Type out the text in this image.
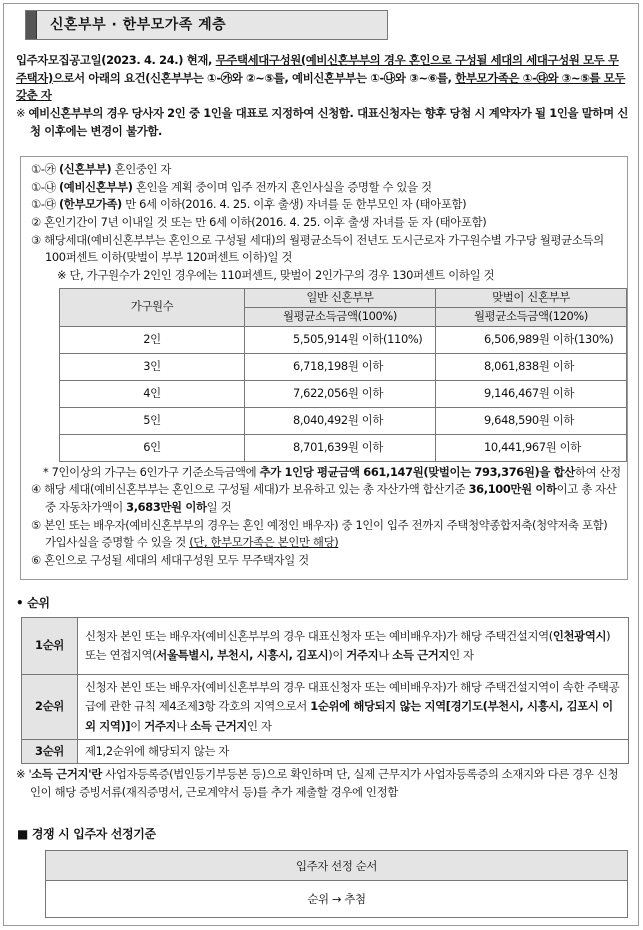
신혼부부 · 한부모가족 계층

입주자모집공고일(2023. 4. 24.) 현재, 무주택세대구성원(예비신혼부부의 경우 혼인으로 구성될 세대의 세대구성원 모두 무주택자)으로서 아래의 요건(신혼부부는 ①-㉮와 ②~⑤를, 예비신혼부부는 ①-㉯와 ③~⑥를, 한부모가족은 ①-㉰와 ③~⑤를 모두 갖춘 자

※ 예비신혼부부의 경우 당사자 2인 중 1인을 대표로 지정하여 신청함. 대표신청자는 향후 당첨 시 계약자가 될 1인을 말하며 신청 이후에는 변경이 불가함.

①-㉮ (신혼부부) 혼인중인 자
①-㉯ (예비신혼부부) 혼인을 계획 중이며 입주 전까지 혼인사실을 증명할 수 있을 것
①-㉰ (한부모가족) 만 6세 이하(2016. 4. 25. 이후 출생) 자녀를 둔 한부모인 자 (태아포함)
② 혼인기간이 7년 이내일 것 또는 만 6세 이하(2016. 4. 25. 이후 출생 자녀를 둔 자 (태아포함)
③ 해당세대(예비신혼부부는 혼인으로 구성될 세대)의 월평균소득이 전년도 도시근로자 가구원수별 가구당 월평균소득의 100퍼센트 이하(맞벌이 부부 120퍼센트 이하)일 것
※ 단, 가구원수가 2인인 경우에는 110퍼센트, 맞벌이 2인가구의 경우 130퍼센트 이하일 것
가구원수	일반 신혼부부	맞벌이 신혼부부
	월평균소득금액(100%)	월평균소득금액(120%)
2인	5,505,914원 이하(110%)	6,506,989원 이하(130%)
3인	6,718,198원 이하	8,061,838원 이하
4인	7,622,056원 이하	9,146,467원 이하
5인	8,040,492원 이하	9,648,590원 이하
6인	8,701,639원 이하	10,441,967원 이하
* 7인이상의 가구는 6인가구 기준소득금액에 추가 1인당 평균금액 661,147원(맞벌이는 793,376원)을 합산하여 산정
④ 해당 세대(예비신혼부부는 혼인으로 구성될 세대)가 보유하고 있는 총 자산가액 합산기준 36,100만원 이하이고 총 자산 중 자동차가액이 3,683만원 이하일 것
⑤ 본인 또는 배우자(예비신혼부부의 경우는 혼인 예정인 배우자) 중 1인이 입주 전까지 주택청약종합저축(청약저축 포함) 가입사실을 증명할 수 있을 것 (단, 한부모가족은 본인만 해당)
⑥ 혼인으로 구성될 세대의 세대구성원 모두 무주택자일 것
• 순위
1순위	신청자 본인 또는 배우자(예비신혼부부의 경우 대표신청자 또는 예비배우자)가 해당 주택건설지역(인천광역시) 또는 연접지역(서울특별시, 부천시, 시흥시, 김포시)이 거주지나 소득 근거지인 자
2순위	신청자 본인 또는 배우자(예비신혼부부의 경우 대표신청자 또는 예비배우자)가 해당 주택건설지역이 속한 주택공급에 관한 규칙 제4조제3항 각호의 지역으로서 1순위에 해당되지 않는 지역[경기도(부천시, 시흥시, 김포시 이외 지역)]이 거주지나 소득 근거지인 자
3순위	제1,2순위에 해당되지 않는 자
※ '소득 근거지'란 사업자등록증(법인등기부등본 등)으로 확인하며 단, 실제 근무지가 사업자등록증의 소재지와 다른 경우 신청인이 해당 증빙서류(재직증명서, 근로계약서 등)를 추가 제출할 경우에 인정함
■ 경쟁 시 입주자 선정기준
입주자 선정 순서
순위 → 추첨
